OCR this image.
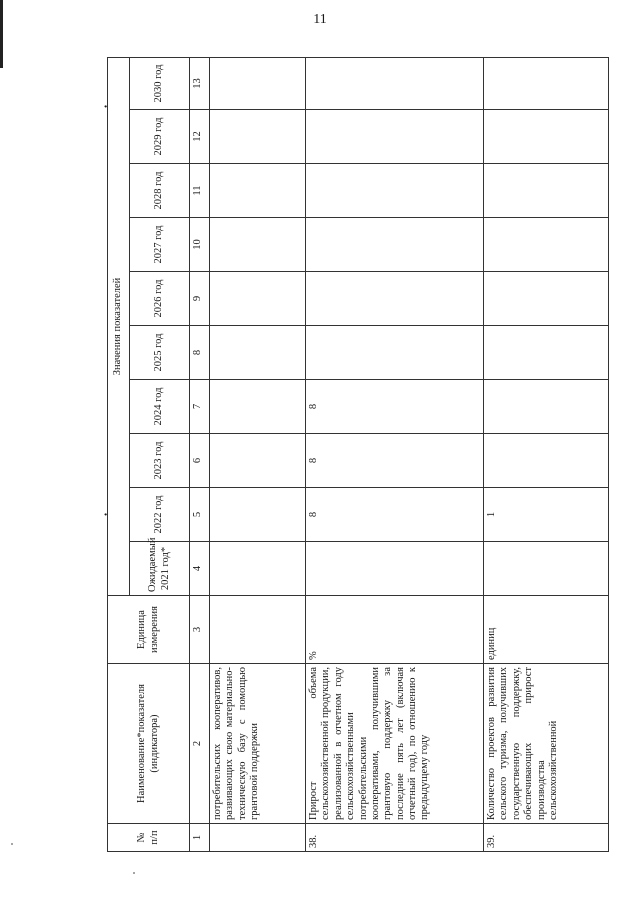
11
•
•
№ п/п	Наименование*показателя (индикатора)	Единица измерения	Значения показателей									
			Ожидаемый 2021 год*	2022 год	2023 год	2024 год	2025 год	2026 год	2027 год	2028 год	2029 год	2030 год
1	2	3	4	5	6	7	8	9	10	11	12	13
	потребительских кооперативов, развивающих свою материально-техническую базу с помощью грантовой поддержки											
38.	Прирост объема сельскохозяйственной продукции, реализованной в отчетном году сельскохозяйственными потребительскими кооперативами, получившими грантовую поддержку за последние пять лет (включая отчетный год), по отношению к предыдущему году	%		8	8	8						
39.	Количество проектов развития сельского туризма, получивших государственную поддержку, обеспечивающих прирост производства сельскохозяйственной	единиц		1								
